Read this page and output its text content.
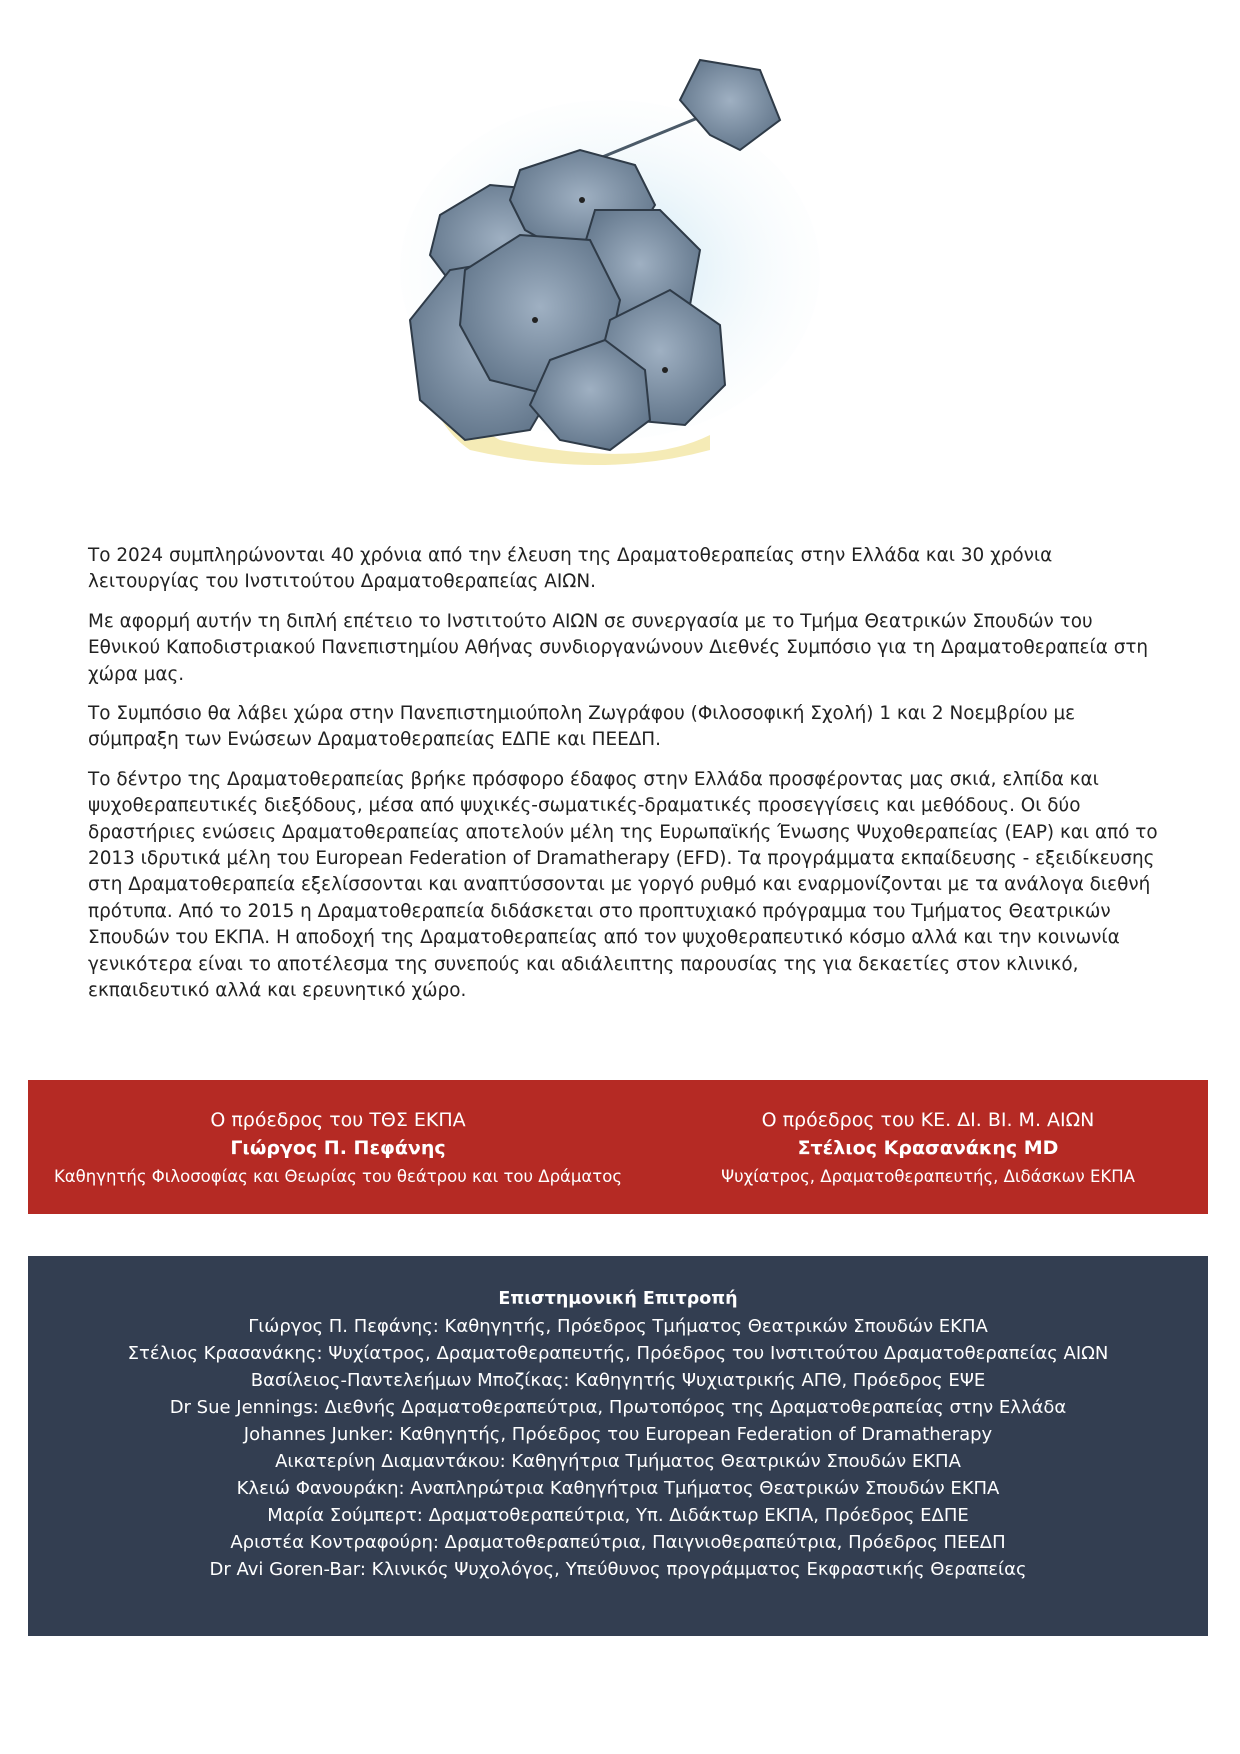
Το 2024 συμπληρώνονται 40 χρόνια από την έλευση της Δραματοθεραπείας στην Ελλάδα και 30 χρόνια λειτουργίας του Ινστιτούτου Δραματοθεραπείας ΑΙΩΝ.

Με αφορμή αυτήν τη διπλή επέτειο το Ινστιτούτο ΑΙΩΝ σε συνεργασία με το Τμήμα Θεατρικών Σπουδών του Εθνικού Καποδιστριακού Πανεπιστημίου Αθήνας συνδιοργανώνουν Διεθνές Συμπόσιο για τη Δραματοθεραπεία στη χώρα μας.

Το Συμπόσιο θα λάβει χώρα στην Πανεπιστημιούπολη Ζωγράφου (Φιλοσοφική Σχολή) 1 και 2 Νοεμβρίου με σύμπραξη των Ενώσεων Δραματοθεραπείας ΕΔΠΕ και ΠΕΕΔΠ.

Το δέντρο της Δραματοθεραπείας βρήκε πρόσφορο έδαφος στην Ελλάδα προσφέροντας μας σκιά, ελπίδα και ψυχοθεραπευτικές διεξόδους, μέσα από ψυχικές-σωματικές-δραματικές προσεγγίσεις και μεθόδους. Οι δύο δραστήριες ενώσεις Δραματοθεραπείας αποτελούν μέλη της Ευρωπαϊκής Ένωσης Ψυχοθεραπείας (EAP) και από το 2013 ιδρυτικά μέλη του European Federation of Dramatherapy (EFD). Τα προγράμματα εκπαίδευσης - εξειδίκευσης στη Δραματοθεραπεία εξελίσσονται και αναπτύσσονται με γοργό ρυθμό και εναρμονίζονται με τα ανάλογα διεθνή πρότυπα. Από το 2015 η Δραματοθεραπεία διδάσκεται στο προπτυχιακό πρόγραμμα του Τμήματος Θεατρικών Σπουδών του ΕΚΠΑ. Η αποδοχή της Δραματοθεραπείας από τον ψυχοθεραπευτικό κόσμο αλλά και την κοινωνία γενικότερα είναι το αποτέλεσμα της συνεπούς και αδιάλειπτης παρουσίας της για δεκαετίες στον κλινικό, εκπαιδευτικό αλλά και ερευνητικό χώρο.

Ο πρόεδρος του ΤΘΣ ΕΚΠΑ
Γιώργος Π. Πεφάνης
Καθηγητής Φιλοσοφίας και Θεωρίας του θεάτρου και του Δράματος
Ο πρόεδρος του ΚΕ. ΔΙ. ΒΙ. Μ. ΑΙΩΝ
Στέλιος Κρασανάκης MD
Ψυχίατρος, Δραματοθεραπευτής, Διδάσκων ΕΚΠΑ
Επιστημονική Επιτροπή
Γιώργος Π. Πεφάνης: Καθηγητής, Πρόεδρος Τμήματος Θεατρικών Σπουδών ΕΚΠΑ
Στέλιος Κρασανάκης: Ψυχίατρος, Δραματοθεραπευτής, Πρόεδρος του Ινστιτούτου Δραματοθεραπείας ΑΙΩΝ
Βασίλειος-Παντελεήμων Μποζίκας: Καθηγητής Ψυχιατρικής ΑΠΘ, Πρόεδρος ΕΨΕ
Dr Sue Jennings: Διεθνής Δραματοθεραπεύτρια, Πρωτοπόρος της Δραματοθεραπείας στην Ελλάδα
Johannes Junker: Καθηγητής, Πρόεδρος του European Federation of Dramatherapy
Αικατερίνη Διαμαντάκου: Καθηγήτρια Τμήματος Θεατρικών Σπουδών ΕΚΠΑ
Κλειώ Φανουράκη: Αναπληρώτρια Καθηγήτρια Τμήματος Θεατρικών Σπουδών ΕΚΠΑ
Μαρία Σούμπερτ: Δραματοθεραπεύτρια, Υπ. Διδάκτωρ ΕΚΠΑ, Πρόεδρος ΕΔΠΕ
Αριστέα Κοντραφούρη: Δραματοθεραπεύτρια, Παιγνιοθεραπεύτρια, Πρόεδρος ΠΕΕΔΠ
Dr Avi Goren-Bar: Κλινικός Ψυχολόγος, Υπεύθυνος προγράμματος Εκφραστικής Θεραπείας
